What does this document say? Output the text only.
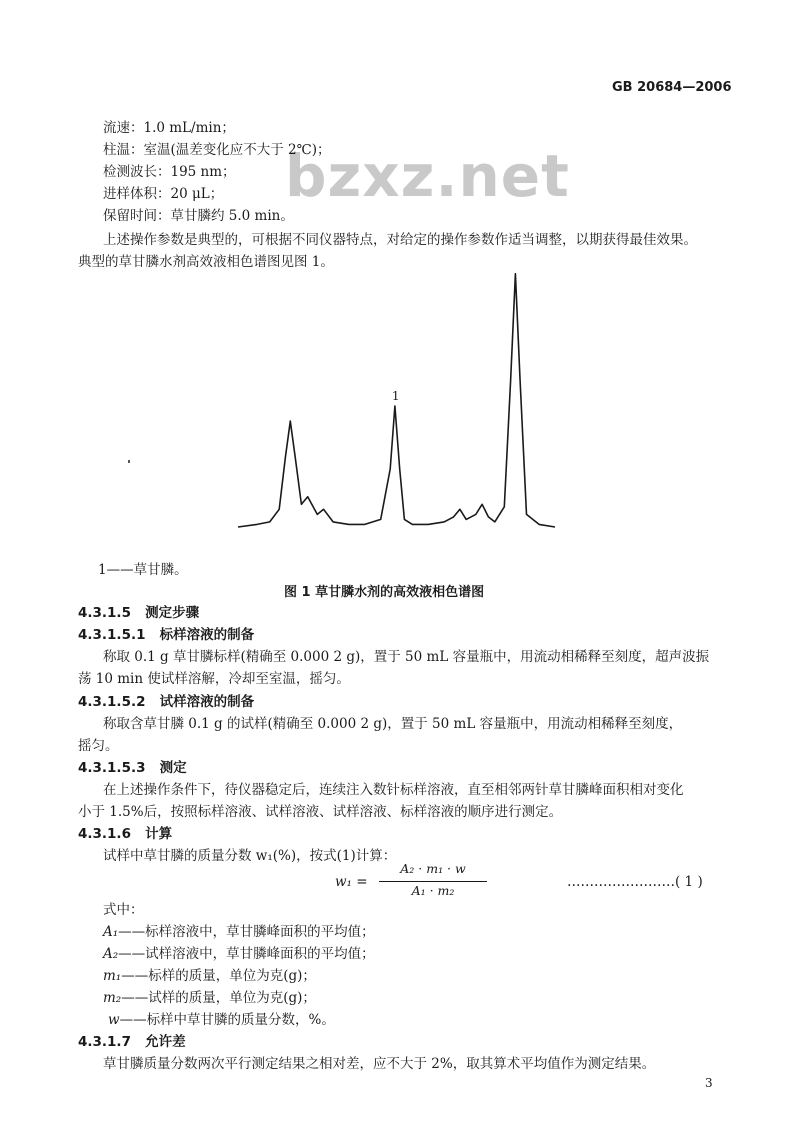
GB 20684—2006
bzxz.net
流速：1.0 mL/min；
柱温：室温(温差变化应不大于 2℃)；
检测波长：195 nm；
进样体积：20 μL；
保留时间：草甘膦约 5.0 min。
上述操作参数是典型的，可根据不同仪器特点，对给定的操作参数作适当调整，以期获得最佳效果。
典型的草甘膦水剂高效液相色谱图见图 1。
1
1——草甘膦。
图 1 草甘膦水剂的高效液相色谱图
4.3.1.5 测定步骤
4.3.1.5.1 标样溶液的制备
称取 0.1 g 草甘膦标样(精确至 0.000 2 g)，置于 50 mL 容量瓶中，用流动相稀释至刻度，超声波振
荡 10 min 使试样溶解，冷却至室温，摇匀。
4.3.1.5.2 试样溶液的制备
称取含草甘膦 0.1 g 的试样(精确至 0.000 2 g)，置于 50 mL 容量瓶中，用流动相稀释至刻度，
摇匀。
4.3.1.5.3 测定
在上述操作条件下，待仪器稳定后，连续注入数针标样溶液，直至相邻两针草甘膦峰面积相对变化
小于 1.5%后，按照标样溶液、试样溶液、试样溶液、标样溶液的顺序进行测定。
4.3.1.6 计算
试样中草甘膦的质量分数 w₁(%)，按式(1)计算：
w₁ =
A₂ · m₁ · w
A₁ · m₂
……………………( 1 )
式中：
A₁——标样溶液中，草甘膦峰面积的平均值；
A₂——试样溶液中，草甘膦峰面积的平均值；
m₁——标样的质量，单位为克(g)；
m₂——试样的质量，单位为克(g)；
w——标样中草甘膦的质量分数，%。
4.3.1.7 允许差
草甘膦质量分数两次平行测定结果之相对差，应不大于 2%，取其算术平均值作为测定结果。
3
